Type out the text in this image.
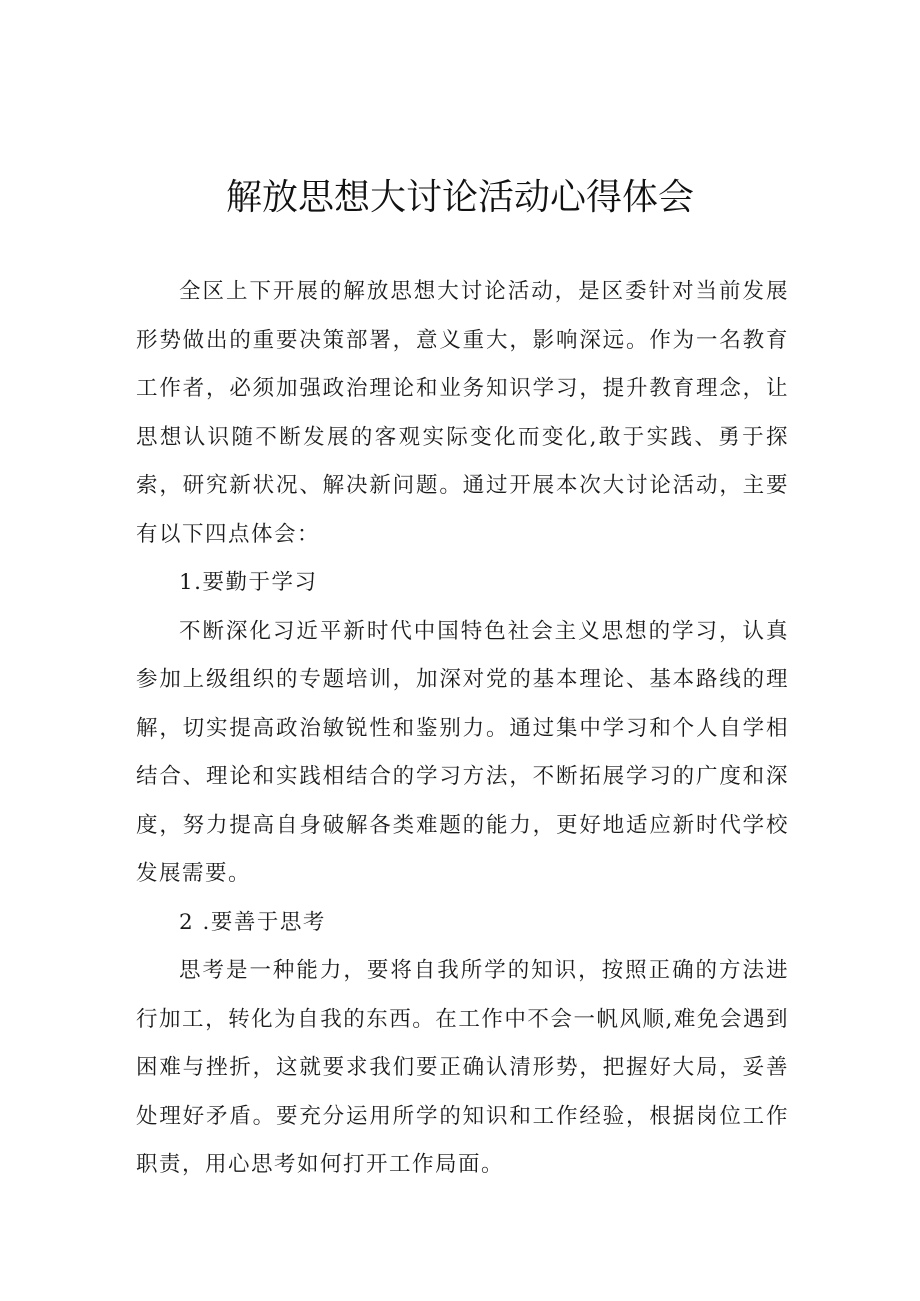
解放思想大讨论活动心得体会

全区上下开展的解放思想大讨论活动，是区委针对当前发展形势做出的重要决策部署，意义重大，影响深远。作为一名教育工作者，必须加强政治理论和业务知识学习，提升教育理念，让思想认识随不断发展的客观实际变化而变化,敢于实践、勇于探索，研究新状况、解决新问题。通过开展本次大讨论活动，主要有以下四点体会：

1.要勤于学习

不断深化习近平新时代中国特色社会主义思想的学习，认真参加上级组织的专题培训，加深对党的基本理论、基本路线的理解，切实提高政治敏锐性和鉴别力。通过集中学习和个人自学相结合、理论和实践相结合的学习方法，不断拓展学习的广度和深度，努力提高自身破解各类难题的能力，更好地适应新时代学校发展需要。

2 .要善于思考

思考是一种能力，要将自我所学的知识，按照正确的方法进行加工，转化为自我的东西。在工作中不会一帆风顺,难免会遇到困难与挫折，这就要求我们要正确认清形势，把握好大局，妥善处理好矛盾。要充分运用所学的知识和工作经验，根据岗位工作职责，用心思考如何打开工作局面。
